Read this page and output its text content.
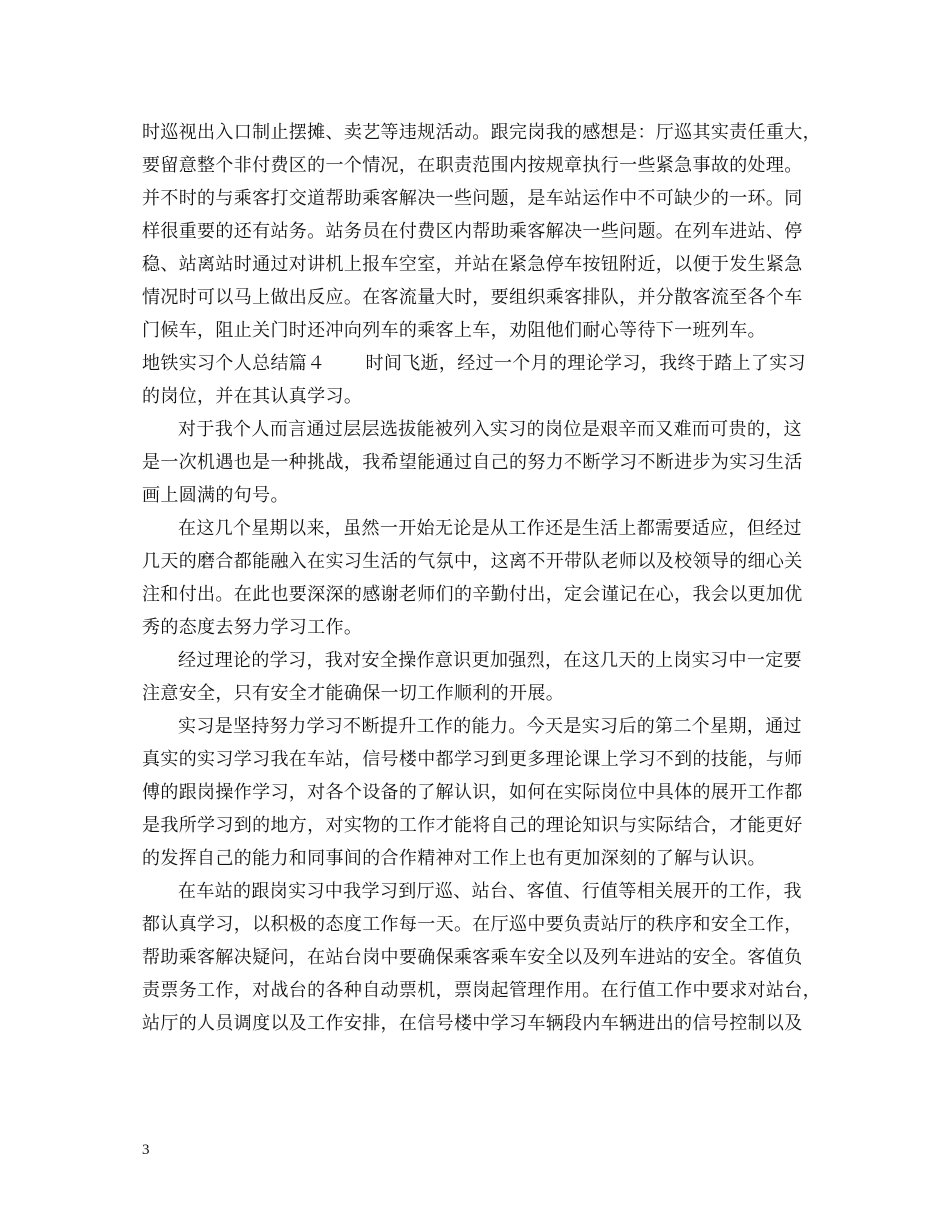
时巡视出入口制止摆摊、卖艺等违规活动。跟完岗我的感想是：厅巡其实责任重大，
要留意整个非付费区的一个情况，在职责范围内按规章执行一些紧急事故的处理。
并不时的与乘客打交道帮助乘客解决一些问题，是车站运作中不可缺少的一环。同
样很重要的还有站务。站务员在付费区内帮助乘客解决一些问题。在列车进站、停
稳、站离站时通过对讲机上报车空室，并站在紧急停车按钮附近，以便于发生紧急
情况时可以马上做出反应。在客流量大时，要组织乘客排队，并分散客流至各个车
门候车，阻止关门时还冲向列车的乘客上车，劝阻他们耐心等待下一班列车。
地铁实习个人总结篇４ 时间飞逝，经过一个月的理论学习，我终于踏上了实习
的岗位，并在其认真学习。
对于我个人而言通过层层选拔能被列入实习的岗位是艰辛而又难而可贵的，这
是一次机遇也是一种挑战，我希望能通过自己的努力不断学习不断进步为实习生活
画上圆满的句号。
在这几个星期以来，虽然一开始无论是从工作还是生活上都需要适应，但经过
几天的磨合都能融入在实习生活的气氛中，这离不开带队老师以及校领导的细心关
注和付出。在此也要深深的感谢老师们的辛勤付出，定会谨记在心，我会以更加优
秀的态度去努力学习工作。
经过理论的学习，我对安全操作意识更加强烈，在这几天的上岗实习中一定要
注意安全，只有安全才能确保一切工作顺利的开展。
实习是坚持努力学习不断提升工作的能力。今天是实习后的第二个星期，通过
真实的实习学习我在车站，信号楼中都学习到更多理论课上学习不到的技能，与师
傅的跟岗操作学习，对各个设备的了解认识，如何在实际岗位中具体的展开工作都
是我所学习到的地方，对实物的工作才能将自己的理论知识与实际结合，才能更好
的发挥自己的能力和同事间的合作精神对工作上也有更加深刻的了解与认识。
在车站的跟岗实习中我学习到厅巡、站台、客值、行值等相关展开的工作，我
都认真学习，以积极的态度工作每一天。在厅巡中要负责站厅的秩序和安全工作，
帮助乘客解决疑问，在站台岗中要确保乘客乘车安全以及列车进站的安全。客值负
责票务工作，对战台的各种自动票机，票岗起管理作用。在行值工作中要求对站台，
站厅的人员调度以及工作安排，在信号楼中学习车辆段内车辆进出的信号控制以及
3
